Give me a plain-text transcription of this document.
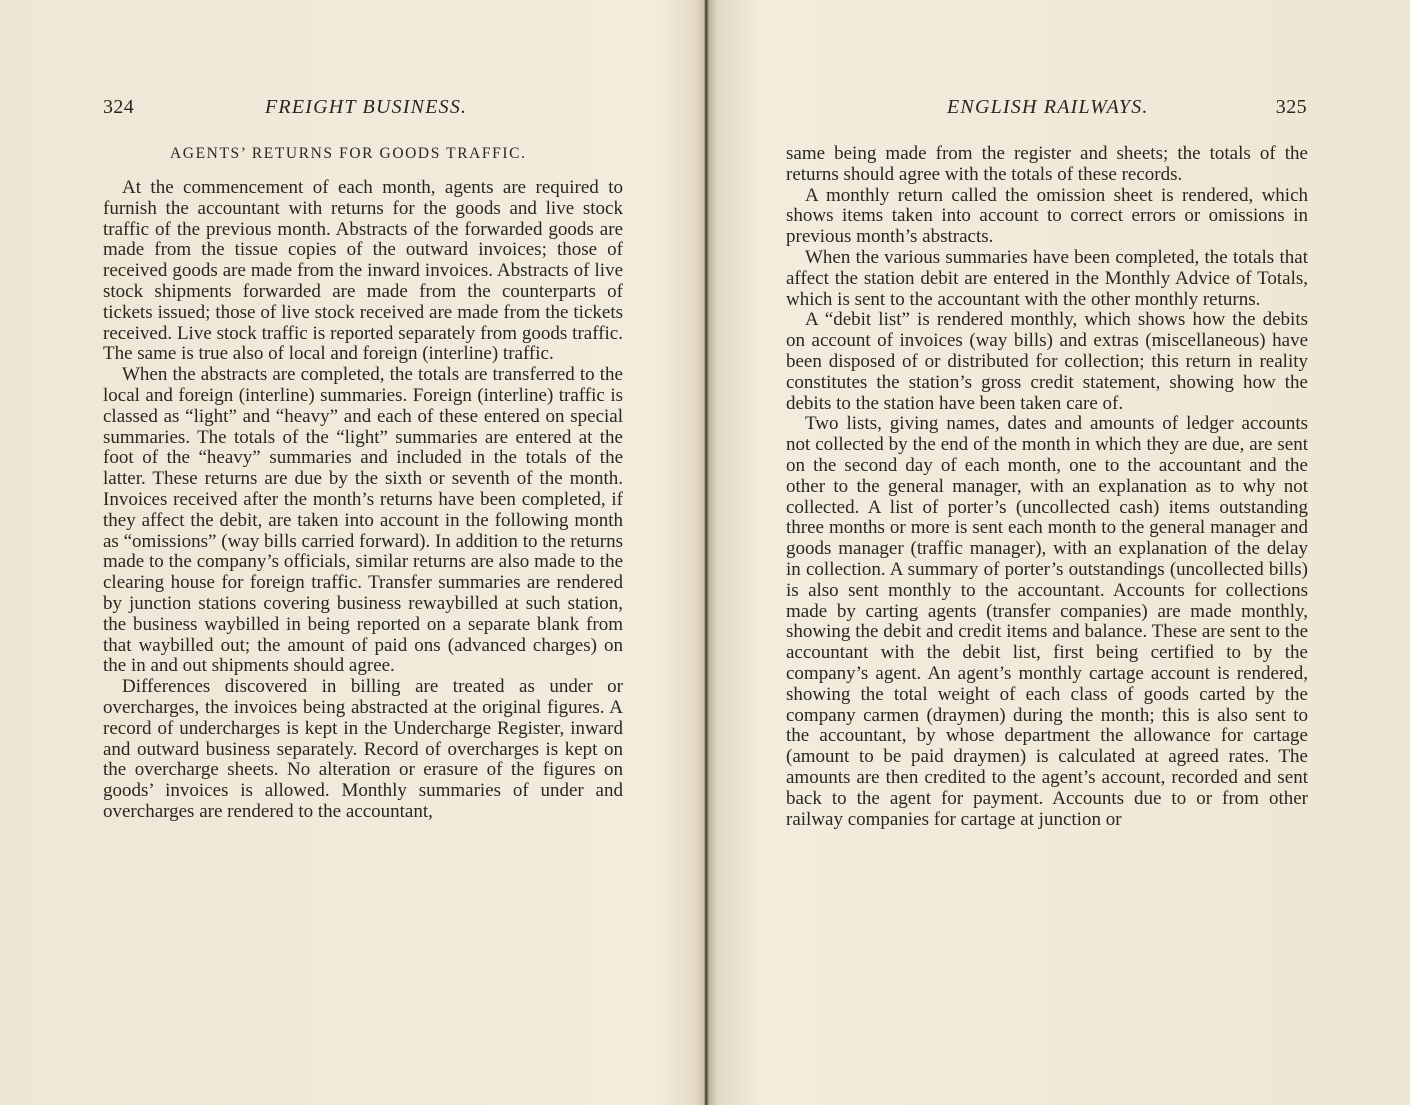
324	FREIGHT BUSINESS.
AGENTS’ RETURNS FOR GOODS TRAFFIC.

At the commencement of each month, agents are required to furnish the accountant with returns for the goods and live stock traffic of the previous month. Abstracts of the forwarded goods are made from the tissue copies of the outward invoices; those of received goods are made from the inward invoices. Abstracts of live stock shipments forwarded are made from the counterparts of tickets issued; those of live stock received are made from the tickets received. Live stock traffic is reported separately from goods traffic. The same is true also of local and foreign (interline) traffic.

When the abstracts are completed, the totals are transferred to the local and foreign (interline) summaries. Foreign (interline) traffic is classed as “light” and “heavy” and each of these entered on special summaries. The totals of the “light” summaries are entered at the foot of the “heavy” summaries and included in the totals of the latter. These returns are due by the sixth or seventh of the month. Invoices received after the month’s returns have been completed, if they affect the debit, are taken into account in the following month as “omissions” (way bills carried forward). In addition to the returns made to the company’s officials, similar returns are also made to the clearing house for foreign traffic. Transfer summaries are rendered by junction stations covering business rewaybilled at such station, the business waybilled in being reported on a separate blank from that waybilled out; the amount of paid ons (advanced charges) on the in and out shipments should agree.

Differences discovered in billing are treated as under or overcharges, the invoices being abstracted at the original figures. A record of undercharges is kept in the Undercharge Register, inward and outward business separately. Record of overcharges is kept on the overcharge sheets. No alteration or erasure of the figures on goods’ invoices is allowed. Monthly summaries of under and overcharges are rendered to the accountant,

ENGLISH RAILWAYS.	325

same being made from the register and sheets; the totals of the returns should agree with the totals of these records.

A monthly return called the omission sheet is rendered, which shows items taken into account to correct errors or omissions in previous month’s abstracts.

When the various summaries have been completed, the totals that affect the station debit are entered in the Monthly Advice of Totals, which is sent to the accountant with the other monthly returns.

A “debit list” is rendered monthly, which shows how the debits on account of invoices (way bills) and extras (miscellaneous) have been disposed of or distributed for collection; this return in reality constitutes the station’s gross credit statement, showing how the debits to the station have been taken care of.

Two lists, giving names, dates and amounts of ledger accounts not collected by the end of the month in which they are due, are sent on the second day of each month, one to the accountant and the other to the general manager, with an explanation as to why not collected. A list of porter’s (uncollected cash) items outstanding three months or more is sent each month to the general manager and goods manager (traffic manager), with an explanation of the delay in collection. A summary of porter’s outstandings (uncollected bills) is also sent monthly to the accountant. Accounts for collections made by carting agents (transfer companies) are made monthly, showing the debit and credit items and balance. These are sent to the accountant with the debit list, first being certified to by the company’s agent. An agent’s monthly cartage account is rendered, showing the total weight of each class of goods carted by the company carmen (draymen) during the month; this is also sent to the accountant, by whose department the allowance for cartage (amount to be paid draymen) is calculated at agreed rates. The amounts are then credited to the agent’s account, recorded and sent back to the agent for payment. Accounts due to or from other railway companies for cartage at junction or
